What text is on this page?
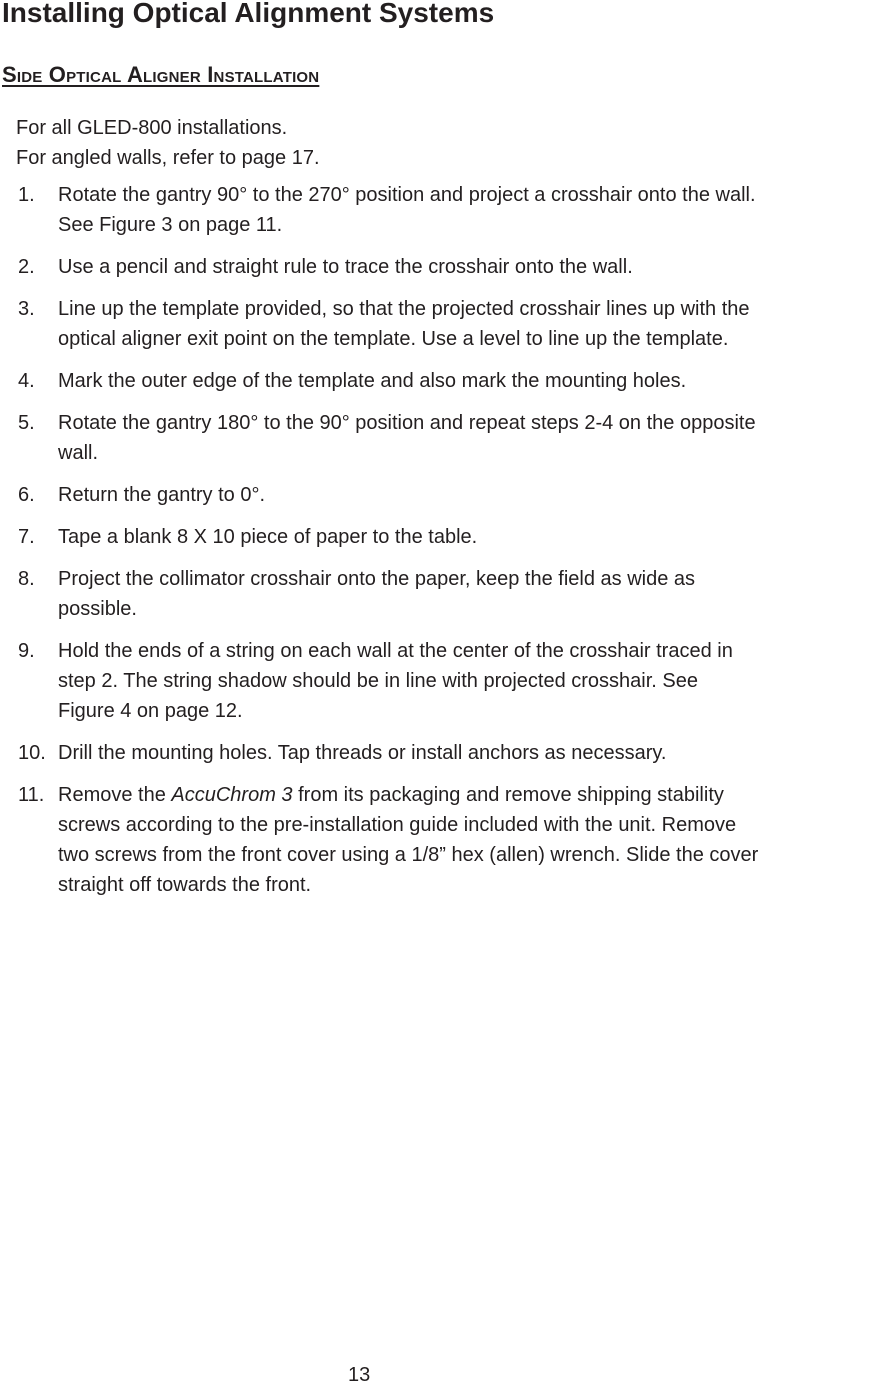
Installing Optical Alignment Systems
Side Optical Aligner Installation

For all GLED-800 installations.

For angled walls, refer to page 17.

1.	Rotate the gantry 90° to the 270° position and project a crosshair onto the wall.
See Figure 3 on page 11.
2.	Use a pencil and straight rule to trace the crosshair onto the wall.
3.	Line up the template provided, so that the projected crosshair lines up with the
optical aligner exit point on the template. Use a level to line up the template.
4.	Mark the outer edge of the template and also mark the mounting holes.
5.	Rotate the gantry 180° to the 90° position and repeat steps 2-4 on the opposite
wall.
6.	Return the gantry to 0°.
7.	Tape a blank 8 X 10 piece of paper to the table.
8.	Project the collimator crosshair onto the paper, keep the field as wide as
possible.
9.	Hold the ends of a string on each wall at the center of the crosshair traced in
step 2. The string shadow should be in line with projected crosshair. See
Figure 4 on page 12.
10. Drill the mounting holes. Tap threads or install anchors as necessary.
11. Remove the AccuChrom 3 from its packaging and remove shipping stability
screws according to the pre-installation guide included with the unit. Remove
two screws from the front cover using a 1/8” hex (allen) wrench. Slide the cover
straight off towards the front.

13
